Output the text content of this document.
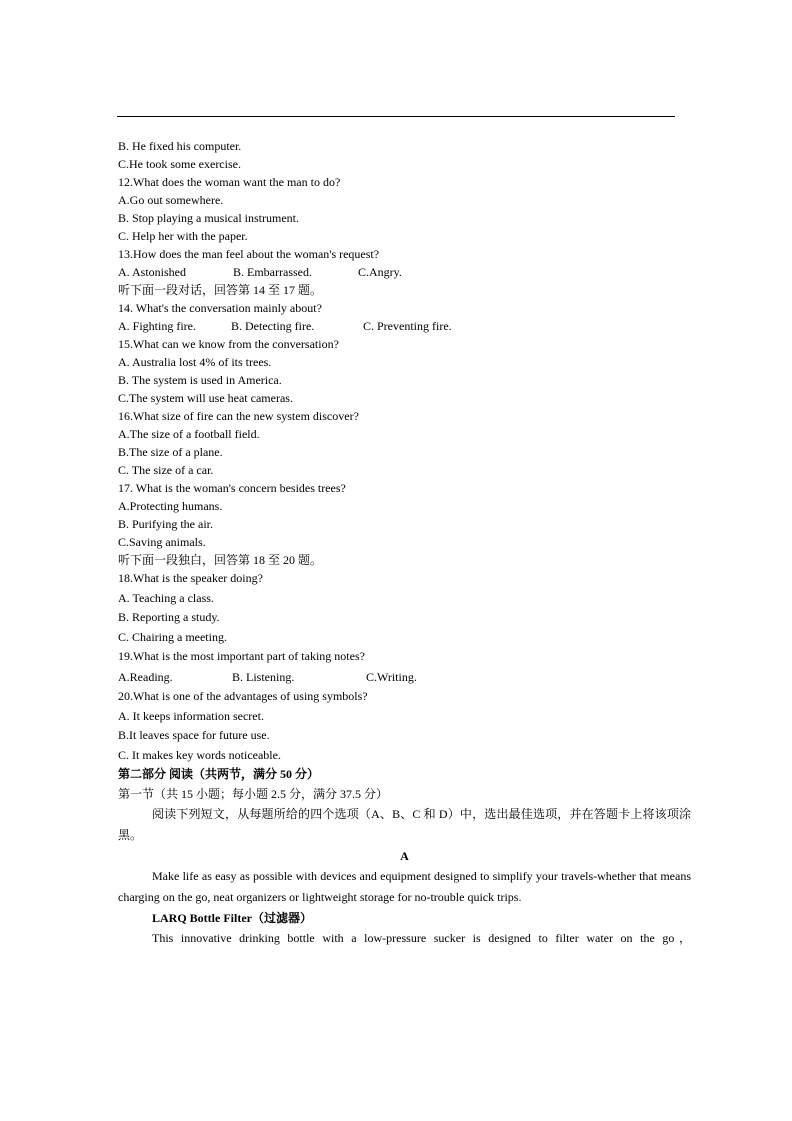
B. He fixed his computer.
C.He took some exercise.
12.What does the woman want the man to do?
A.Go out somewhere.
B. Stop playing a musical instrument.
C. Help her with the paper.
13.How does the man feel about the woman's request?
A. Astonished	B. Embarrassed.	C.Angry.
听下面一段对话，回答第 14 至 17 题。
14. What's the conversation mainly about?
A. Fighting fire.	B. Detecting fire.	C. Preventing fire.
15.What can we know from the conversation?
A. Australia lost 4% of its trees.
B. The system is used in America.
C.The system will use heat cameras.
16.What size of fire can the new system discover?
A.The size of a football field.
B.The size of a plane.
C. The size of a car.
17. What is the woman's concern besides trees?
A.Protecting humans.
B. Purifying the air.
C.Saving animals.
听下面一段独白，回答第 18 至 20 题。
18.What is the speaker doing?
A. Teaching a class.
B. Reporting a study.
C. Chairing a meeting.
19.What is the most important part of taking notes?
A.Reading.	B. Listening.	C.Writing.
20.What is one of the advantages of using symbols?
A. It keeps information secret.
B.It leaves space for future use.
C. It makes key words noticeable.
第二部分 阅读（共两节，满分 50 分）
第一节（共 15 小题；每小题 2.5 分，满分 37.5 分）
阅读下列短文，从每题所给的四个选项（A、B、C 和 D）中，选出最佳选项，并在答题卡上将该项涂黑。
A
Make life as easy as possible with devices and equipment designed to simplify your travels-whether that means charging on the go, neat organizers or lightweight storage for no-trouble quick trips.
LARQ Bottle Filter（过滤器）
This innovative drinking bottle with a low-pressure sucker is designed to filter water on the go，
